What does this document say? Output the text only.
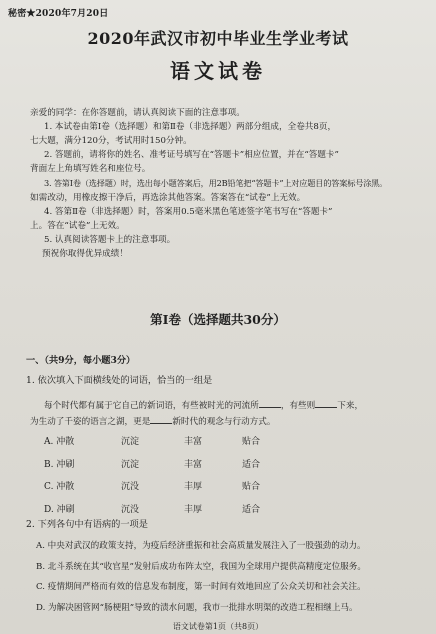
秘密★2020年7月20日
2020年武汉市初中毕业生学业考试
语文试卷

亲爱的同学：在你答题前，请认真阅读下面的注意事项。

1. 本试卷由第Ⅰ卷（选择题）和第Ⅱ卷（非选择题）两部分组成，全卷共8页，

七大题，满分120分，考试用时150分钟。

2. 答题前，请将你的姓名、准考证号填写在“答题卡”相应位置，并在“答题卡”

背面左上角填写姓名和座位号。

3. 答第Ⅰ卷（选择题）时，选出每小题答案后，用2B铅笔把“答题卡”上对应题目的答案标号涂黑。

如需改动，用橡皮擦干净后，再选涂其他答案。答案答在“试卷”上无效。

4. 答第Ⅱ卷（非选择题）时，答案用0.5毫米黑色笔迹签字笔书写在“答题卡”

上。答在“试卷”上无效。

5. 认真阅读答题卡上的注意事项。

预祝你取得优异成绩！

第Ⅰ卷（选择题共30分）
一、（共9分，每小题3分）
1. 依次填入下面横线处的词语，恰当的一组是
每个时代都有属于它自己的新词语，有些被时光的河流所	，有些则	下来，
为生动了千姿的语言之湖，更是	新时代的观念与行动方式。
A. 冲散	沉淀	丰富	贴合
B. 冲刷	沉淀	丰富	适合
C. 冲散	沉没	丰厚	贴合
D. 冲刷	沉没	丰厚	适合
2. 下列各句中有语病的一项是

A. 中央对武汉的政策支持，为疫后经济重振和社会高质量发展注入了一股强劲的动力。

B. 北斗系统在其“收官星”发射后成功布阵太空，我国为全球用户提供高精度定位服务。

C. 疫情期间严格而有效的信息发布制度，第一时间有效地回应了公众关切和社会关注。

D. 为解决困管网“肠梗阻”导致的渍水问题，我市一批排水明渠的改造工程相继上马。

语文试卷第1页（共8页）
